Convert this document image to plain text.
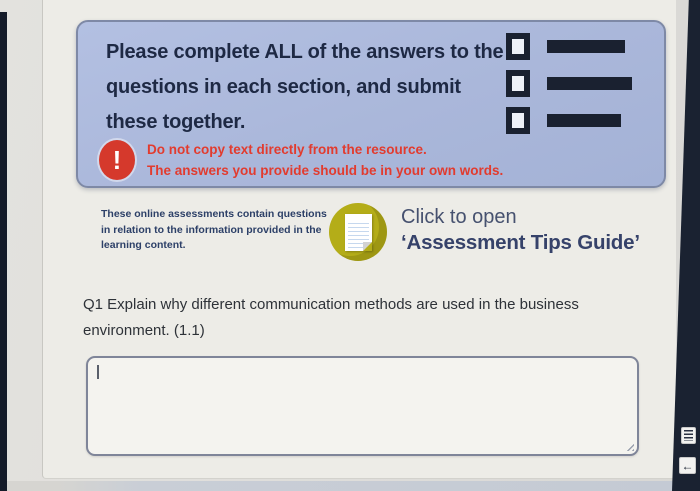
Please complete ALL of the answers to the questions in each section, and submit these together.
!	Do not copy text directly from the resource.
The answers you provide should be in your own words.
These online assessments contain questions in relation to the information provided in the learning content.
Click to open
‘Assessment Tips Guide’
Q1 Explain why different communication methods are used in the business environment. (1.1)
←
